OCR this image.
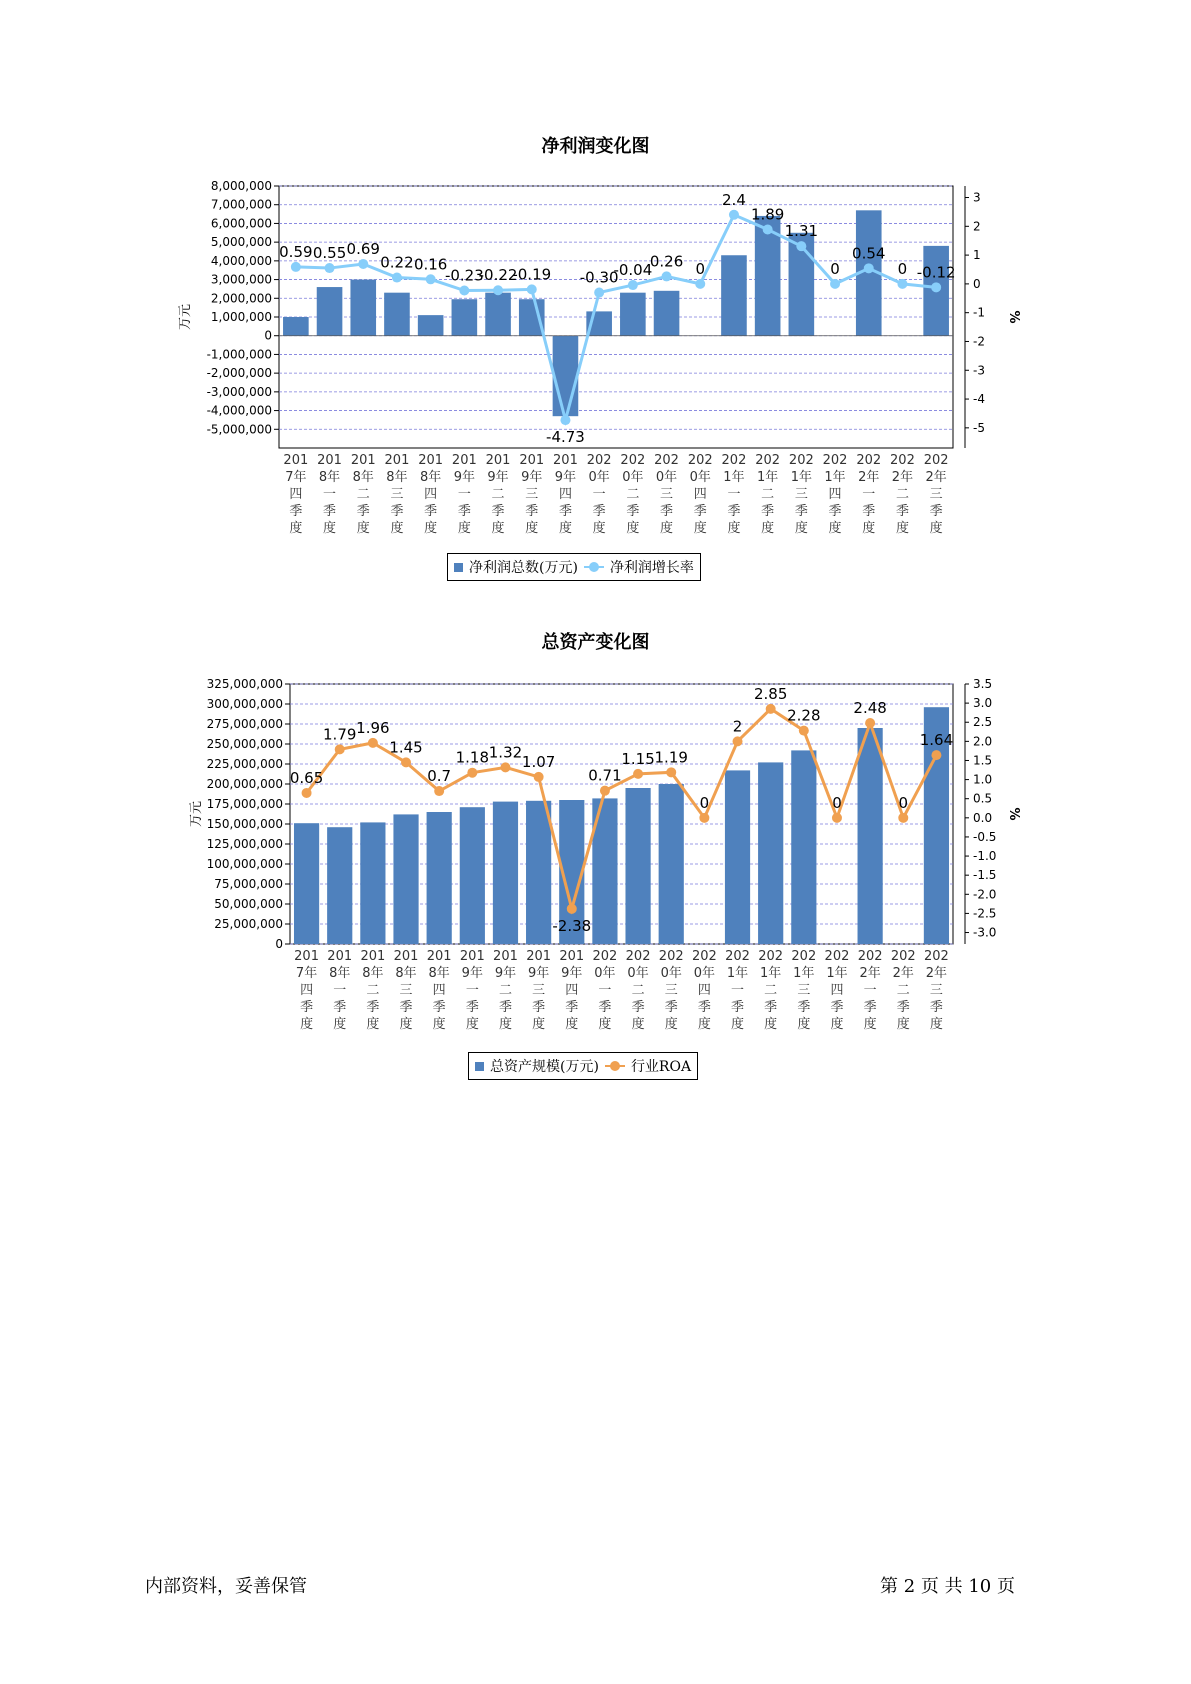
净利润变化图
8,000,000
7,000,000
6,000,000
5,000,000
4,000,000
3,000,000
2,000,000
1,000,000
0
-1,000,000
-2,000,000
-3,000,000
-4,000,000
-5,000,000
3
2
1
0
-1
-2
-3
-4
-5
万元	%
201 7年四季度
201 8年一季度
201 8年二季度
201 8年三季度
201 8年四季度
201 9年一季度
201 9年二季度
201 9年三季度
201 9年四季度
202 0年一季度
202 0年二季度
202 0年三季度
202 0年四季度
202 1年一季度
202 1年二季度
202 1年三季度
202 1年四季度
202 2年一季度
202 2年二季度
202 2年三季度
0.59 0.55 0.69
0.22 0.16
-0.23
-0.22
-0.19
-4.73
-0.30
-0.04
0.26 0
2.4
1.89
1.31
0
0.54
0 -0.12
净利润总数(万元) 净利润增长率
总资产变化图
325,000,000
300,000,000
275,000,000
250,000,000
225,000,000
200,000,000
175,000,000
150,000,000
125,000,000
100,000,000
75,000,000
50,000,000
25,000,000
0
3.5
3.0
2.5
2.0
1.5
1.0
0.5
0.0
-0.5
-1.0
-1.5
-2.0
-2.5
-3.0
万元	%
201 7年四季度
201 8年一季度
201 8年二季度
201 8年三季度
201 8年四季度
201 9年一季度
201 9年二季度
201 9年三季度
201 9年四季度
202 0年一季度
202 0年二季度
202 0年三季度
202 0年四季度
202 1年一季度
202 1年二季度
202 1年三季度
202 1年四季度
202 2年一季度
202 2年二季度
202 2年三季度
0.65
1.79 1.96
1.45
0.7
1.18 1.32
1.07
-2.38
0.71
1.15 1.19
0
2
2.85
2.28
0
2.48
0
1.64
总资产规模(万元) 行业ROA
内部资料，妥善保管	第 2 页 共 10 页
